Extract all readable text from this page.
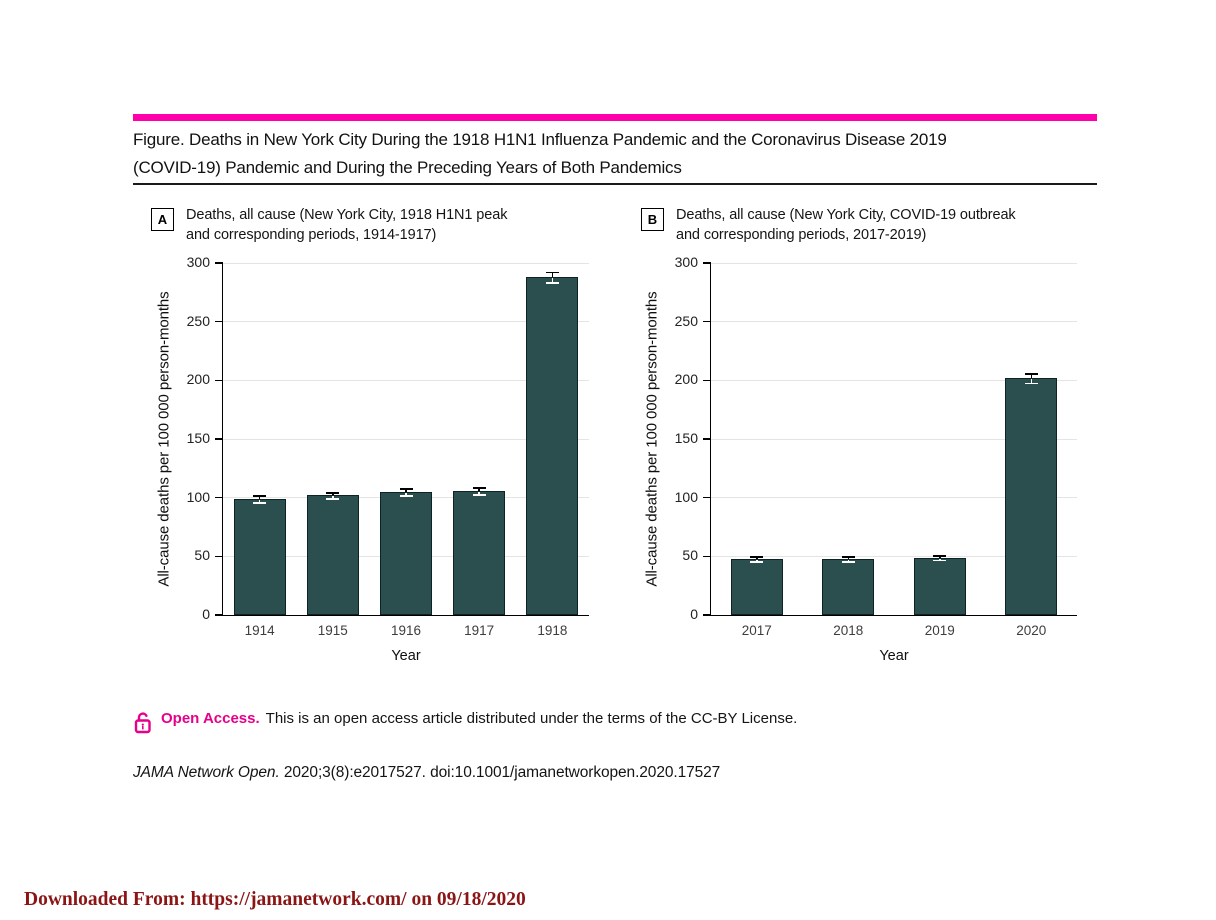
Figure. Deaths in New York City During the 1918 H1N1 Influenza Pandemic and the Coronavirus Disease 2019
(COVID-19) Pandemic and During the Preceding Years of Both Pandemics
A	Deaths, all cause (New York City, 1918 H1N1 peak
and corresponding periods, 1914-1917)
All-cause deaths per 100 000 person-months
Year
0
50
100
150
200
250
300
1914	1915	1916	1917	1918
B	Deaths, all cause (New York City, COVID-19 outbreak
and corresponding periods, 2017-2019)
All-cause deaths per 100 000 person-months
Year
0
50
100
150
200
250
300
2017	2018	2019	2020
Open Access. This is an open access article distributed under the terms of the CC-BY License.
JAMA Network Open. 2020;3(8):e2017527. doi:10.1001/jamanetworkopen.2020.17527
Downloaded From: https://jamanetwork.com/ on 09/18/2020
